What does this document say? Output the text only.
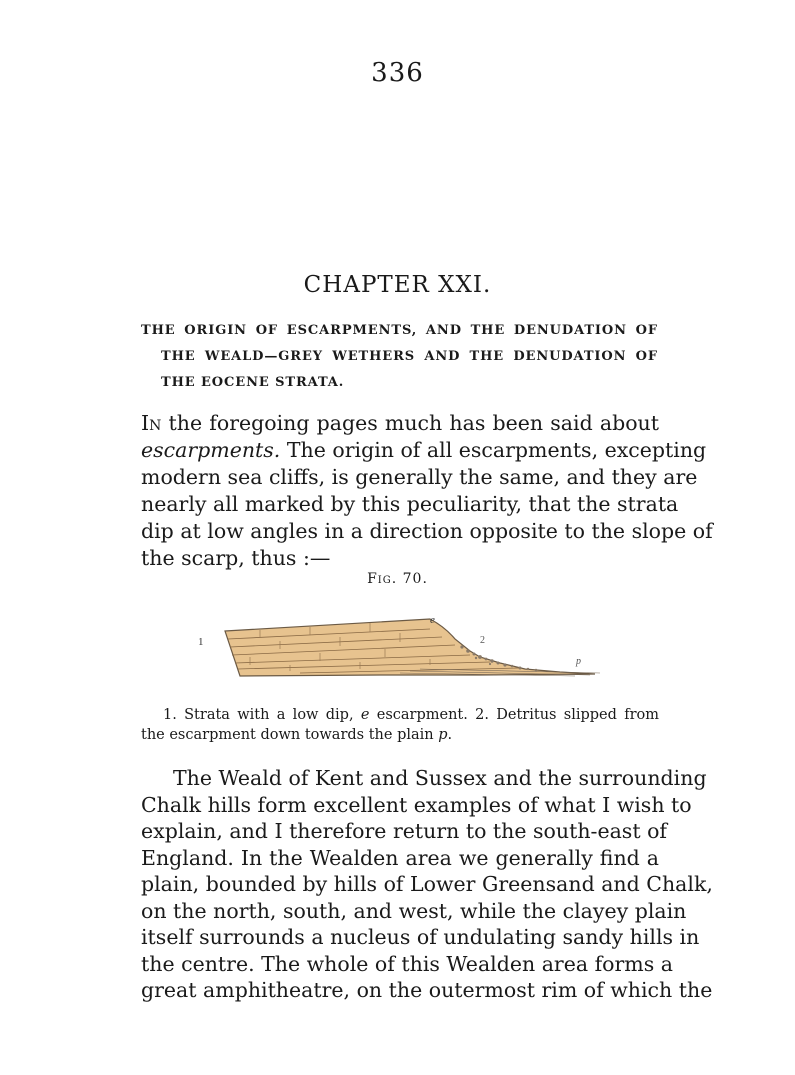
336
CHAPTER XXI.
THE ORIGIN OF ESCARPMENTS, AND THE DENUDATION OF
THE WEALD—GREY WETHERS AND THE DENUDATION OF
THE EOCENE STRATA.
In the foregoing pages much has been said about
escarpments. The origin of all escarpments, excepting
modern sea cliffs, is generally the same, and they are
nearly all marked by this peculiarity, that the strata
dip at low angles in a direction opposite to the slope of
the scarp, thus :—
Fig. 70.
1
e
2
p
1. Strata with a low dip, e escarpment. 2. Detritus slipped from
the escarpment down towards the plain p.
The Weald of Kent and Sussex and the surrounding
Chalk hills form excellent examples of what I wish to
explain, and I therefore return to the south-east of
England. In the Wealden area we generally find a
plain, bounded by hills of Lower Greensand and Chalk,
on the north, south, and west, while the clayey plain
itself surrounds a nucleus of undulating sandy hills in
the centre. The whole of this Wealden area forms a
great amphitheatre, on the outermost rim of which the
